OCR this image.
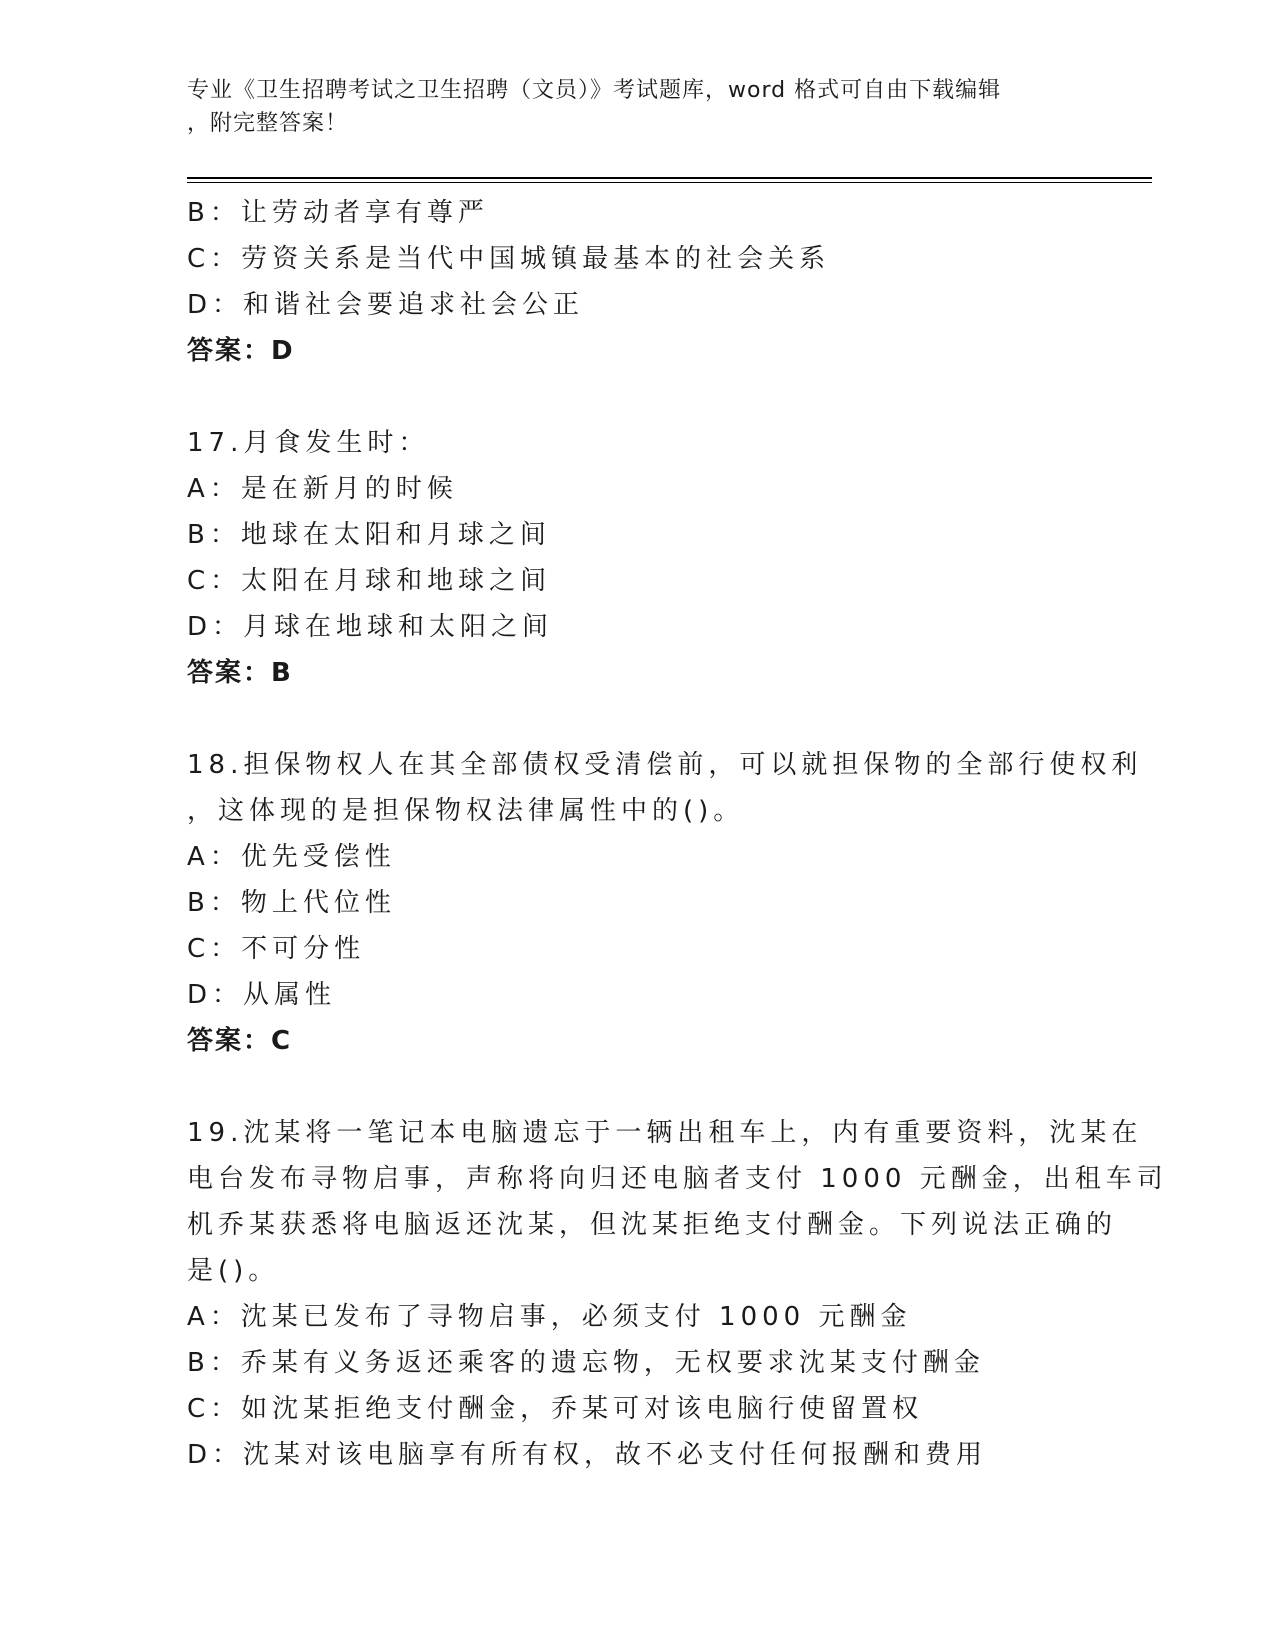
专业《卫生招聘考试之卫生招聘（文员）》考试题库，word 格式可自由下载编辑
，附完整答案！
B：让劳动者享有尊严
C：劳资关系是当代中国城镇最基本的社会关系
D：和谐社会要追求社会公正
答案：D
17.月食发生时：
A：是在新月的时候
B：地球在太阳和月球之间
C：太阳在月球和地球之间
D：月球在地球和太阳之间
答案：B
18.担保物权人在其全部债权受清偿前，可以就担保物的全部行使权利
，这体现的是担保物权法律属性中的()。
A：优先受偿性
B：物上代位性
C：不可分性
D：从属性
答案：C
19.沈某将一笔记本电脑遗忘于一辆出租车上，内有重要资料，沈某在
电台发布寻物启事，声称将向归还电脑者支付 1000 元酬金，出租车司
机乔某获悉将电脑返还沈某，但沈某拒绝支付酬金。下列说法正确的
是()。
A：沈某已发布了寻物启事，必须支付 1000 元酬金
B：乔某有义务返还乘客的遗忘物，无权要求沈某支付酬金
C：如沈某拒绝支付酬金，乔某可对该电脑行使留置权
D：沈某对该电脑享有所有权，故不必支付任何报酬和费用
